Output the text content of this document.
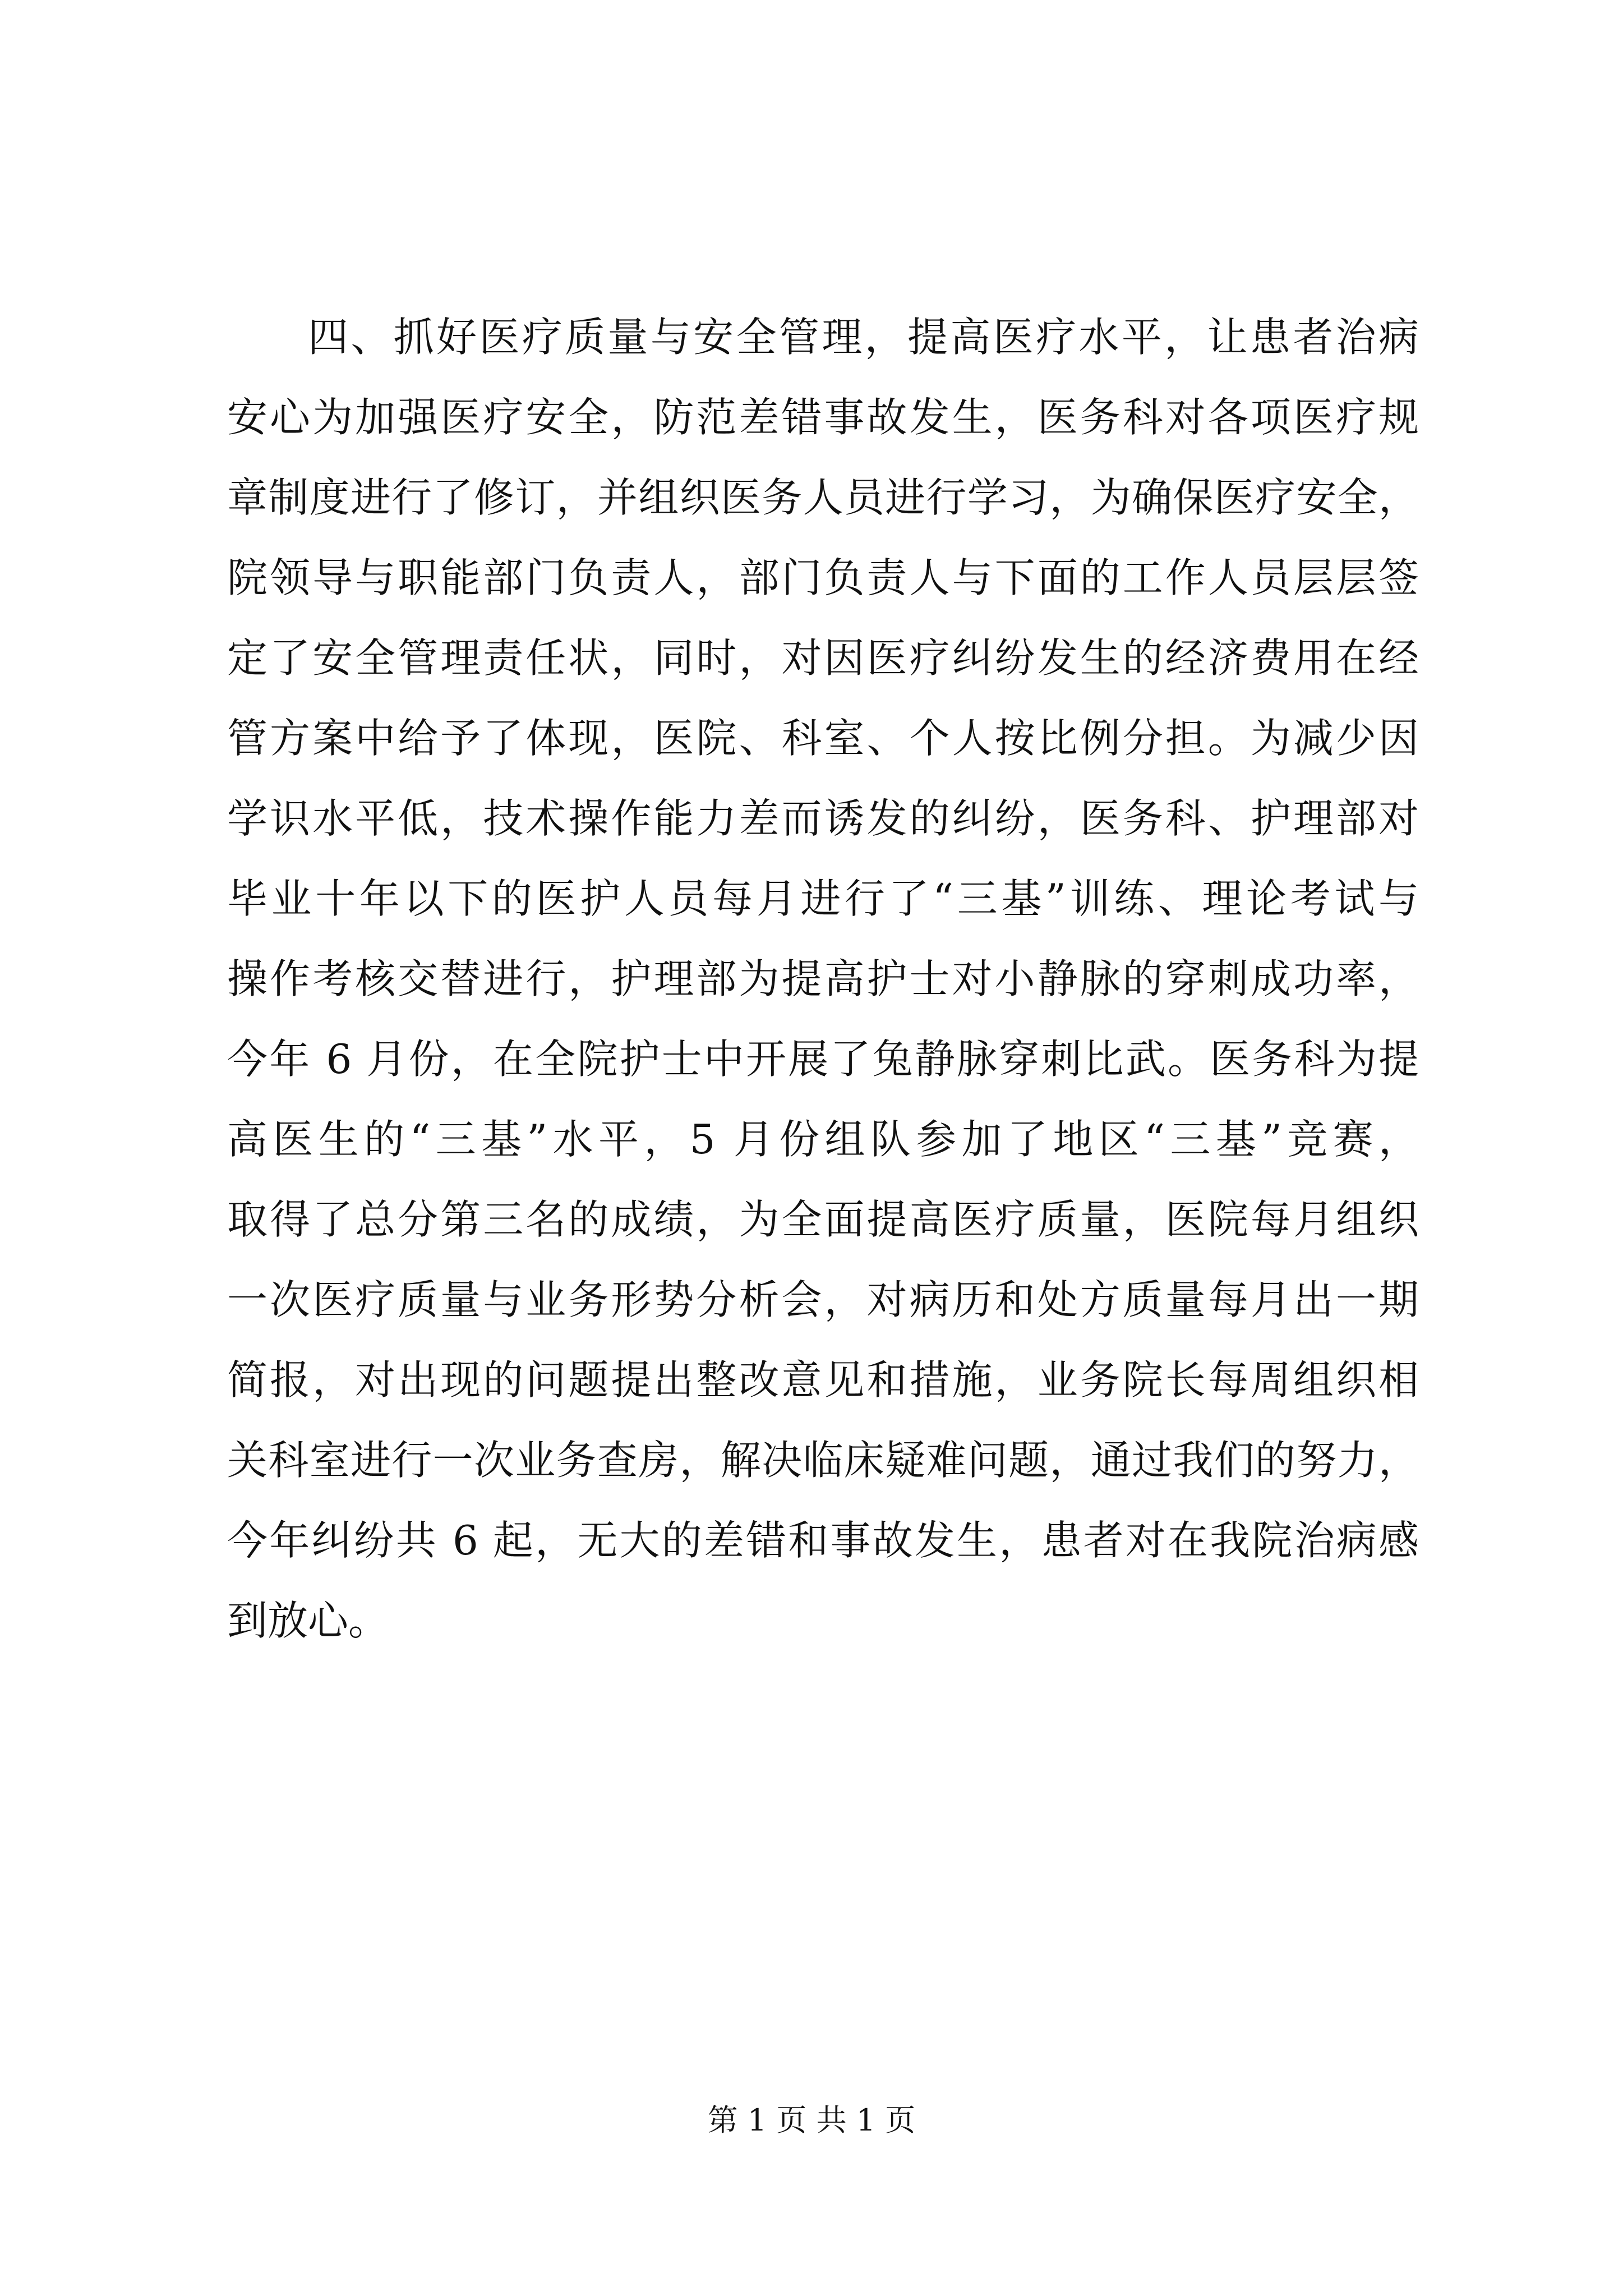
四、抓好医疗质量与安全管理，提高医疗水平，让患者治病
安心为加强医疗安全，防范差错事故发生，医务科对各项医疗规
章制度进行了修订，并组织医务人员进行学习，为确保医疗安全，
院领导与职能部门负责人，部门负责人与下面的工作人员层层签
定了安全管理责任状，同时，对因医疗纠纷发生的经济费用在经
管方案中给予了体现，医院、科室、个人按比例分担。为减少因
学识水平低，技术操作能力差而诱发的纠纷，医务科、护理部对
毕业十年以下的医护人员每月进行了“三基”训练、理论考试与
操作考核交替进行，护理部为提高护士对小静脉的穿刺成功率，
今年 6 月份，在全院护士中开展了兔静脉穿刺比武。医务科为提
高医生的“三基”水平，5 月份组队参加了地区“三基”竞赛，
取得了总分第三名的成绩，为全面提高医疗质量，医院每月组织
一次医疗质量与业务形势分析会，对病历和处方质量每月出一期
简报，对出现的问题提出整改意见和措施，业务院长每周组织相
关科室进行一次业务查房，解决临床疑难问题，通过我们的努力，
今年纠纷共 6 起，无大的差错和事故发生，患者对在我院治病感
到放心。
第 1 页 共 1 页
